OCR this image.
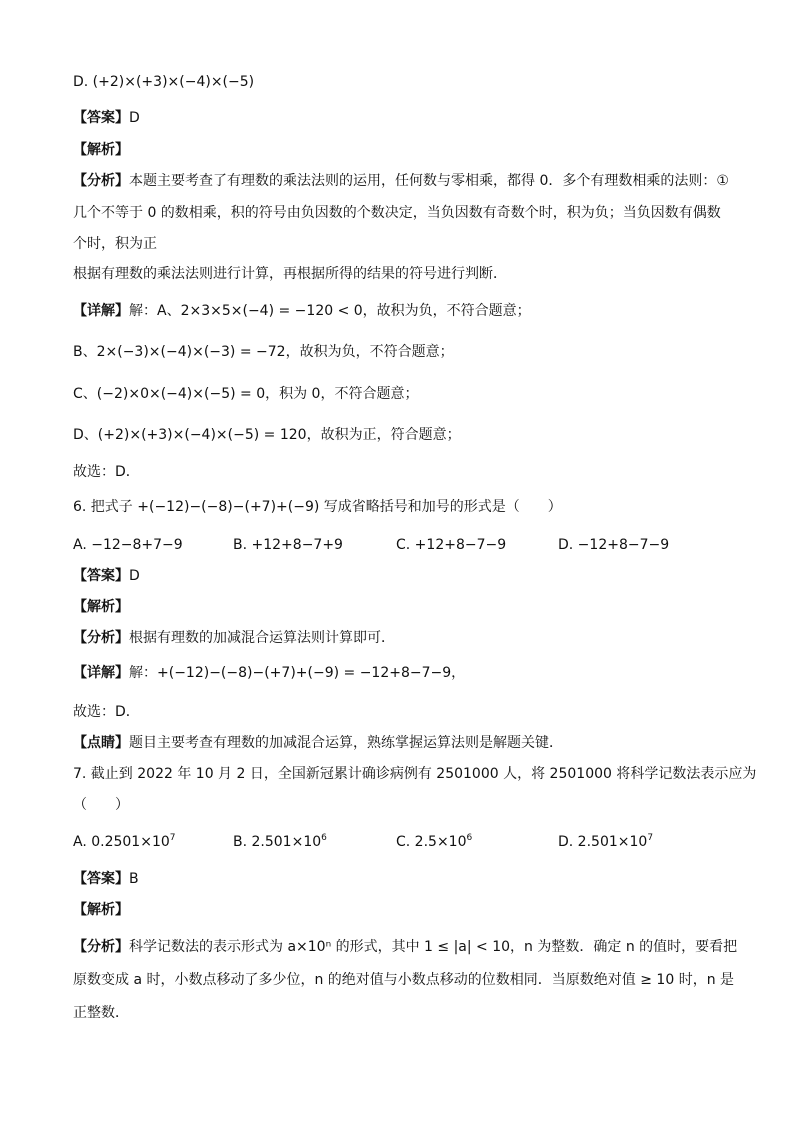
D. (+2)×(+3)×(−4)×(−5)
【答案】D
【解析】
【分析】本题主要考查了有理数的乘法法则的运用，任何数与零相乘，都得 0．多个有理数相乘的法则：①
几个不等于 0 的数相乘，积的符号由负因数的个数决定，当负因数有奇数个时，积为负；当负因数有偶数
个时，积为正
根据有理数的乘法法则进行计算，再根据所得的结果的符号进行判断．
【详解】解：A、2×3×5×(−4) = −120 < 0，故积为负，不符合题意；
B、2×(−3)×(−4)×(−3) = −72，故积为负，不符合题意；
C、(−2)×0×(−4)×(−5) = 0，积为 0，不符合题意；
D、(+2)×(+3)×(−4)×(−5) = 120，故积为正，符合题意；
故选：D．
6. 把式子 +(−12)−(−8)−(+7)+(−9) 写成省略括号和加号的形式是（　　）
A. −12−8+7−9	B. +12+8−7+9	C. +12+8−7−9	D. −12+8−7−9
【答案】D
【解析】
【分析】根据有理数的加减混合运算法则计算即可．
【详解】解：+(−12)−(−8)−(+7)+(−9) = −12+8−7−9，
故选：D．
【点睛】题目主要考查有理数的加减混合运算，熟练掌握运算法则是解题关键．
7. 截止到 2022 年 10 月 2 日，全国新冠累计确诊病例有 2501000 人，将 2501000 将科学记数法表示应为
（　　）
A. $0.2501\times 10^7$	B. $2.501\times 10^6$	C. $2.5\times 10^6$	D. $2.501\times 10^7$
【答案】B
【解析】
【分析】科学记数法的表示形式为 a×10ⁿ 的形式，其中 1 ≤ |a| < 10，n 为整数．确定 n 的值时，要看把
原数变成 a 时，小数点移动了多少位，n 的绝对值与小数点移动的位数相同．当原数绝对值 ≥ 10 时，n 是
正整数．
